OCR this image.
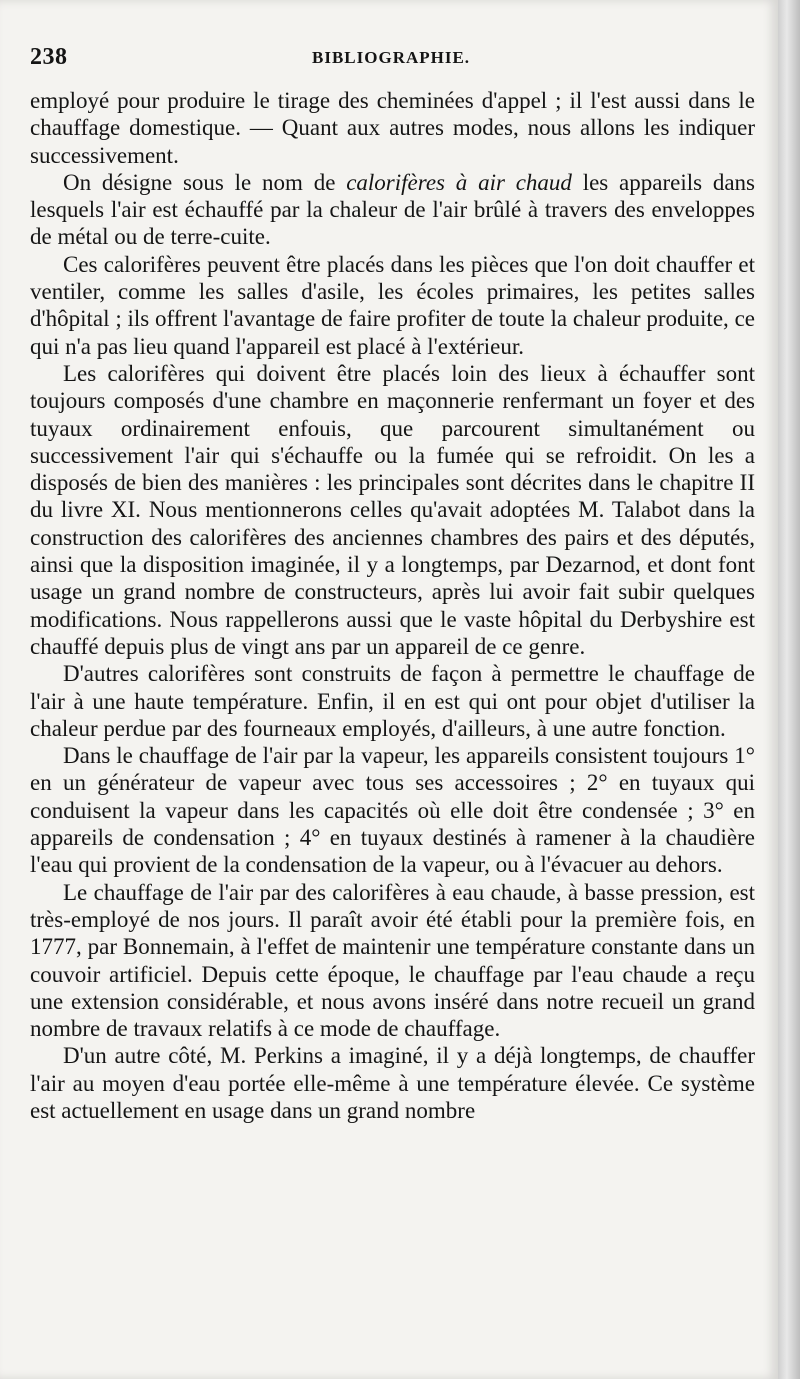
238	BIBLIOGRAPHIE.

employé pour produire le tirage des cheminées d'appel ; il l'est aussi dans le chauffage domestique. — Quant aux autres modes, nous allons les indiquer successivement.

On désigne sous le nom de calorifères à air chaud les appareils dans lesquels l'air est échauffé par la chaleur de l'air brûlé à travers des enveloppes de métal ou de terre-cuite.

Ces calorifères peuvent être placés dans les pièces que l'on doit chauffer et ventiler, comme les salles d'asile, les écoles primaires, les petites salles d'hôpital ; ils offrent l'avantage de faire profiter de toute la chaleur produite, ce qui n'a pas lieu quand l'appareil est placé à l'extérieur.

Les calorifères qui doivent être placés loin des lieux à échauffer sont toujours composés d'une chambre en maçonnerie renfermant un foyer et des tuyaux ordinairement enfouis, que parcourent simultanément ou successivement l'air qui s'échauffe ou la fumée qui se refroidit. On les a disposés de bien des manières : les principales sont décrites dans le chapitre II du livre XI. Nous mentionnerons celles qu'avait adoptées M. Talabot dans la construction des calorifères des anciennes chambres des pairs et des députés, ainsi que la disposition imaginée, il y a longtemps, par Dezarnod, et dont font usage un grand nombre de constructeurs, après lui avoir fait subir quelques modifications. Nous rappellerons aussi que le vaste hôpital du Derbyshire est chauffé depuis plus de vingt ans par un appareil de ce genre.

D'autres calorifères sont construits de façon à permettre le chauffage de l'air à une haute température. Enfin, il en est qui ont pour objet d'utiliser la chaleur perdue par des fourneaux employés, d'ailleurs, à une autre fonction.

Dans le chauffage de l'air par la vapeur, les appareils consistent toujours 1° en un générateur de vapeur avec tous ses accessoires ; 2° en tuyaux qui conduisent la vapeur dans les capacités où elle doit être condensée ; 3° en appareils de condensation ; 4° en tuyaux destinés à ramener à la chaudière l'eau qui provient de la condensation de la vapeur, ou à l'évacuer au dehors.

Le chauffage de l'air par des calorifères à eau chaude, à basse pression, est très-employé de nos jours. Il paraît avoir été établi pour la première fois, en 1777, par Bonnemain, à l'effet de maintenir une température constante dans un couvoir artificiel. Depuis cette époque, le chauffage par l'eau chaude a reçu une extension considérable, et nous avons inséré dans notre recueil un grand nombre de travaux relatifs à ce mode de chauffage.

D'un autre côté, M. Perkins a imaginé, il y a déjà longtemps, de chauffer l'air au moyen d'eau portée elle-même à une température élevée. Ce système est actuellement en usage dans un grand nombre
